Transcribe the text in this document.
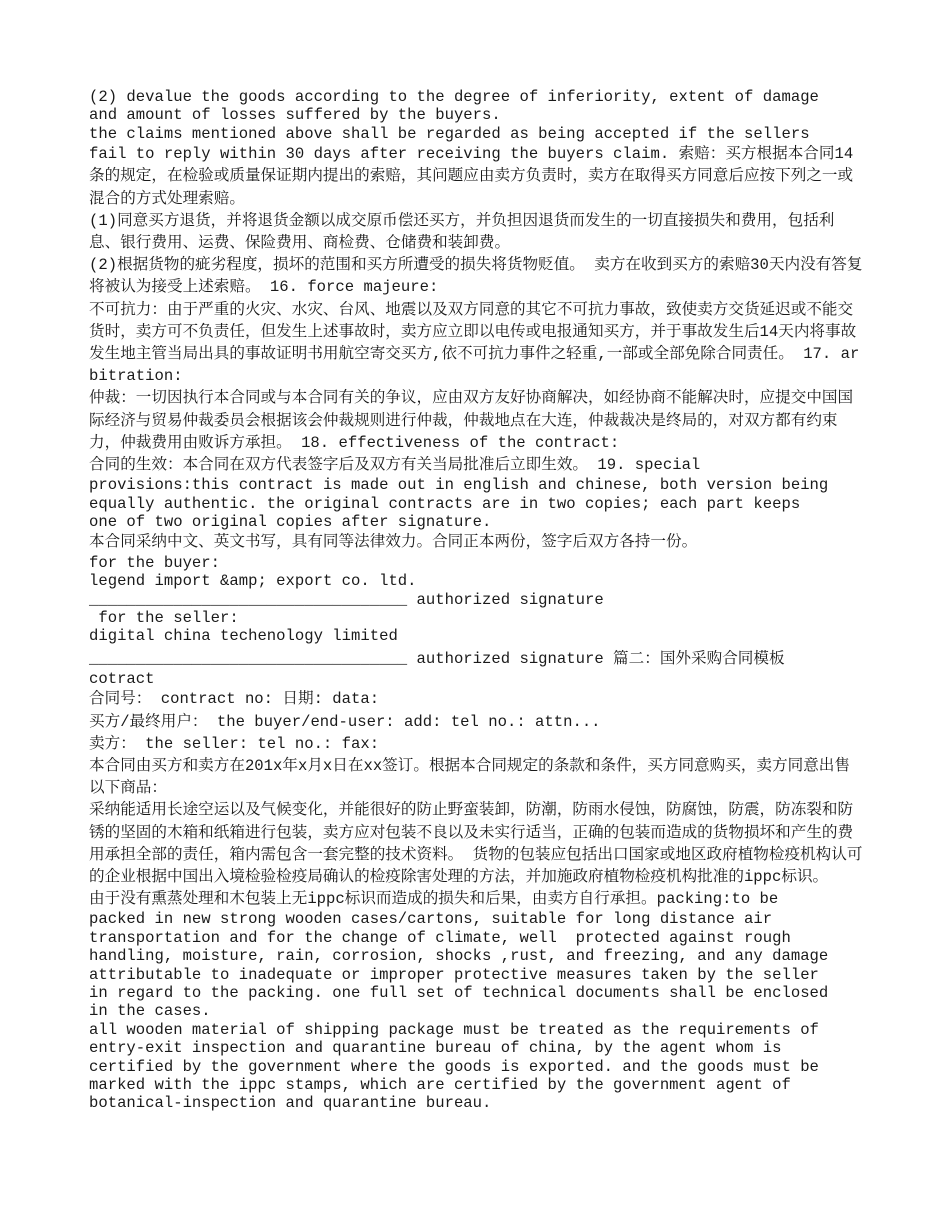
(2) devalue the goods according to the degree of inferiority, extent of damage
and amount of losses suffered by the buyers.
the claims mentioned above shall be regarded as being accepted if the sellers

fail to reply within 30 days after receiving the buyers claim. 索赔：买方根据本合同14条的规定，在检验或质量保证期内提出的索赔，其问题应由卖方负责时，卖方在取得买方同意后应按下列之一或混合的方式处理索赔。

(1)同意买方退货，并将退货金额以成交原币偿还买方，并负担因退货而发生的一切直接损失和费用，包括利息、银行费用、运费、保险费用、商检费、仓储费和装卸费。

(2)根据货物的疵劣程度，损坏的范围和买方所遭受的损失将货物贬值。 卖方在收到买方的索赔30天内没有答复将被认为接受上述索赔。 16. force majeure:

不可抗力：由于严重的火灾、水灾、台风、地震以及双方同意的其它不可抗力事故，致使卖方交货延迟或不能交货时，卖方可不负责任，但发生上述事故时，卖方应立即以电传或电报通知买方，并于事故发生后14天内将事故发生地主管当局出具的事故证明书用航空寄交买方,依不可抗力事件之轻重,一部或全部免除合同责任。 17. arbitration:

仲裁：一切因执行本合同或与本合同有关的争议，应由双方友好协商解决，如经协商不能解决时，应提交中国国际经济与贸易仲裁委员会根据该会仲裁规则进行仲裁，仲裁地点在大连，仲裁裁决是终局的，对双方都有约束力，仲裁费用由败诉方承担。 18. effectiveness of the contract:

合同的生效：本合同在双方代表签字后及双方有关当局批准后立即生效。 19. special

provisions:this contract is made out in english and chinese, both version being
equally authentic. the original contracts are in two copies; each part keeps
one of two original copies after signature.

本合同采纳中文、英文书写，具有同等法律效力。合同正本两份，签字后双方各持一份。

for the buyer:
legend import &amp; export co. ltd.
__________________________________ authorized signature
for the seller:
digital china techenology limited

__________________________________ authorized signature 篇二：国外采购合同模板

cotract

合同号： contract no: 日期: data:

买方/最终用户： the buyer/end-user: add: tel no.: attn...

卖方： the seller: tel no.: fax:

本合同由买方和卖方在201x年x月x日在xx签订。根据本合同规定的条款和条件，买方同意购买，卖方同意出售以下商品：

采纳能适用长途空运以及气候变化，并能很好的防止野蛮装卸，防潮，防雨水侵蚀，防腐蚀，防震，防冻裂和防锈的坚固的木箱和纸箱进行包装，卖方应对包装不良以及未实行适当，正确的包装而造成的货物损坏和产生的费用承担全部的责任，箱内需包含一套完整的技术资料。 货物的包装应包括出口国家或地区政府植物检疫机构认可的企业根据中国出入境检验检疫局确认的检疫除害处理的方法，并加施政府植物检疫机构批准的ippc标识。

由于没有熏蒸处理和木包装上无ippc标识而造成的损失和后果，由卖方自行承担。packing:to be

packed in new strong wooden cases/cartons, suitable for long distance air
transportation and for the change of climate, well  protected against rough
handling, moisture, rain, corrosion, shocks ,rust, and freezing, and any damage
attributable to inadequate or improper protective measures taken by the seller
in regard to the packing. one full set of technical documents shall be enclosed
in the cases.
all wooden material of shipping package must be treated as the requirements of
entry-exit inspection and quarantine bureau of china, by the agent whom is
certified by the government where the goods is exported. and the goods must be
marked with the ippc stamps, which are certified by the government agent of
botanical-inspection and quarantine bureau.
